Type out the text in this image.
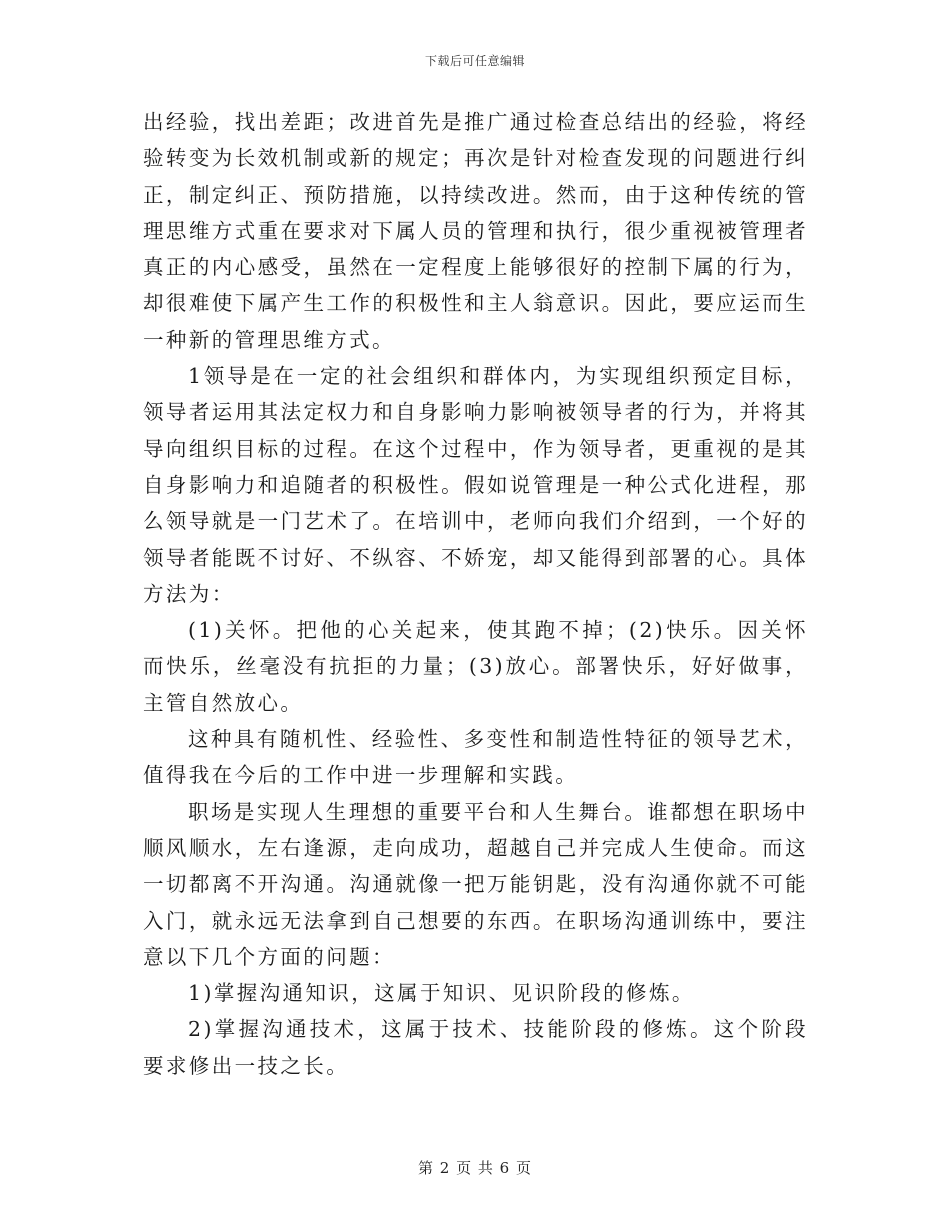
下载后可任意编辑

出经验，找出差距；改进首先是推广通过检查总结出的经验，将经验转变为长效机制或新的规定；再次是针对检查发现的问题进行纠正，制定纠正、预防措施，以持续改进。然而，由于这种传统的管理思维方式重在要求对下属人员的管理和执行，很少重视被管理者真正的内心感受，虽然在一定程度上能够很好的控制下属的行为，却很难使下属产生工作的积极性和主人翁意识。因此，要应运而生一种新的管理思维方式。

1领导是在一定的社会组织和群体内，为实现组织预定目标，领导者运用其法定权力和自身影响力影响被领导者的行为，并将其导向组织目标的过程。在这个过程中，作为领导者，更重视的是其自身影响力和追随者的积极性。假如说管理是一种公式化进程，那么领导就是一门艺术了。在培训中，老师向我们介绍到，一个好的领导者能既不讨好、不纵容、不娇宠，却又能得到部署的心。具体方法为：

(1)关怀。把他的心关起来，使其跑不掉；(2)快乐。因关怀而快乐，丝毫没有抗拒的力量；(3)放心。部署快乐，好好做事，主管自然放心。

这种具有随机性、经验性、多变性和制造性特征的领导艺术，值得我在今后的工作中进一步理解和实践。

职场是实现人生理想的重要平台和人生舞台。谁都想在职场中顺风顺水，左右逢源，走向成功，超越自己并完成人生使命。而这一切都离不开沟通。沟通就像一把万能钥匙，没有沟通你就不可能入门，就永远无法拿到自己想要的东西。在职场沟通训练中，要注意以下几个方面的问题：

1)掌握沟通知识，这属于知识、见识阶段的修炼。

2)掌握沟通技术，这属于技术、技能阶段的修炼。这个阶段要求修出一技之长。

第 2 页 共 6 页
